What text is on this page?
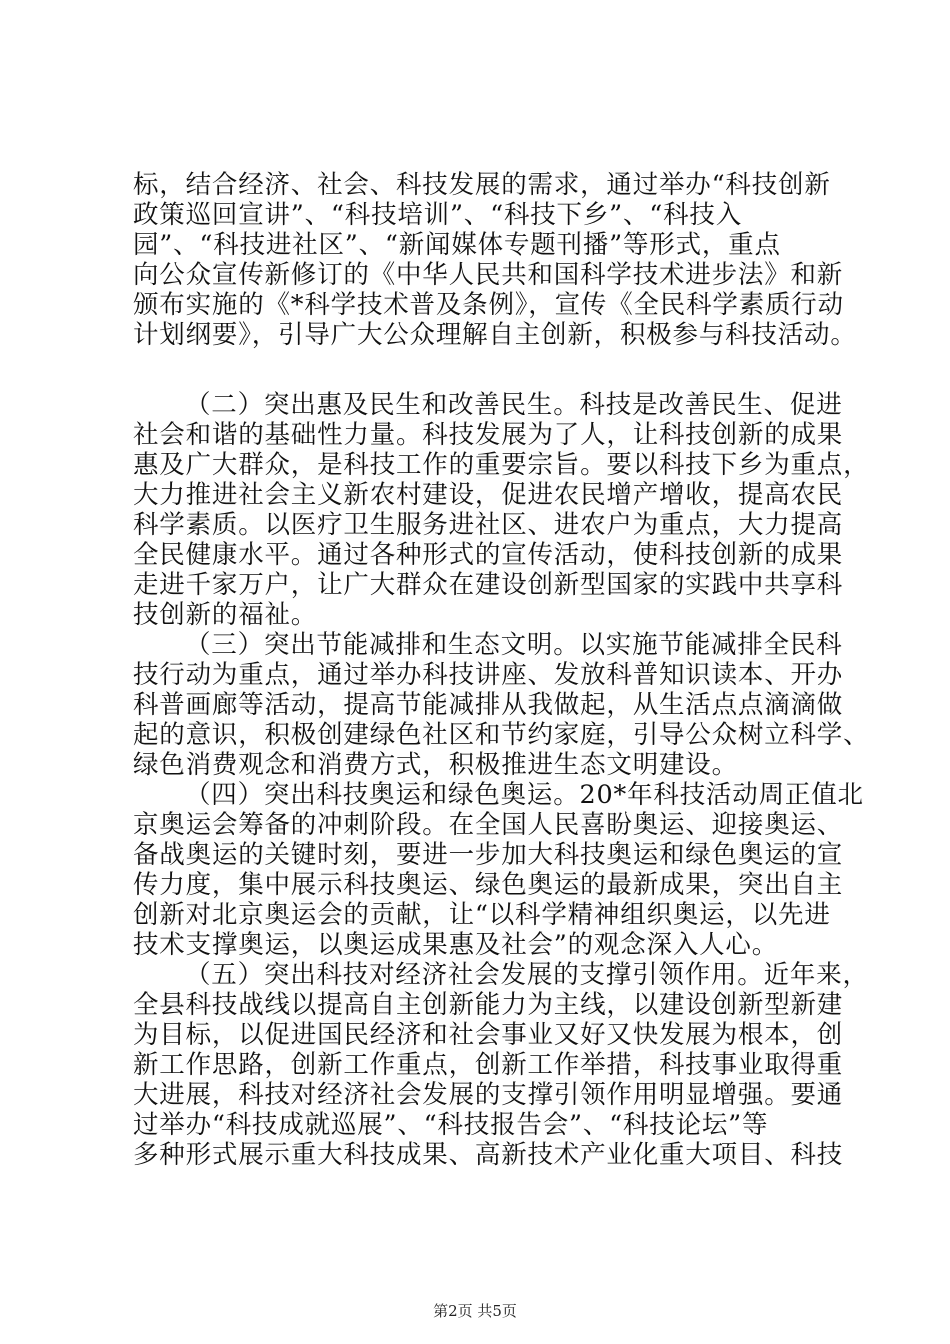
标，结合经济、社会、科技发展的需求，通过举办“科技创新
政策巡回宣讲”、“科技培训”、“科技下乡”、“科技入
园”、“科技进社区”、“新闻媒体专题刊播”等形式，重点
向公众宣传新修订的《中华人民共和国科学技术进步法》和新
颁布实施的《*科学技术普及条例》，宣传《全民科学素质行动
计划纲要》，引导广大公众理解自主创新，积极参与科技活动。
（二）突出惠及民生和改善民生。科技是改善民生、促进
社会和谐的基础性力量。科技发展为了人，让科技创新的成果
惠及广大群众，是科技工作的重要宗旨。要以科技下乡为重点，
大力推进社会主义新农村建设，促进农民增产增收，提高农民
科学素质。以医疗卫生服务进社区、进农户为重点，大力提高
全民健康水平。通过各种形式的宣传活动，使科技创新的成果
走进千家万户，让广大群众在建设创新型国家的实践中共享科
技创新的福祉。
（三）突出节能减排和生态文明。以实施节能减排全民科
技行动为重点，通过举办科技讲座、发放科普知识读本、开办
科普画廊等活动，提高节能减排从我做起，从生活点点滴滴做
起的意识，积极创建绿色社区和节约家庭，引导公众树立科学、
绿色消费观念和消费方式，积极推进生态文明建设。
（四）突出科技奥运和绿色奥运。20*年科技活动周正值北
京奥运会筹备的冲刺阶段。在全国人民喜盼奥运、迎接奥运、
备战奥运的关键时刻，要进一步加大科技奥运和绿色奥运的宣
传力度，集中展示科技奥运、绿色奥运的最新成果，突出自主
创新对北京奥运会的贡献，让“以科学精神组织奥运，以先进
技术支撑奥运，以奥运成果惠及社会”的观念深入人心。
（五）突出科技对经济社会发展的支撑引领作用。近年来，
全县科技战线以提高自主创新能力为主线，以建设创新型新建
为目标，以促进国民经济和社会事业又好又快发展为根本，创
新工作思路，创新工作重点，创新工作举措，科技事业取得重
大进展，科技对经济社会发展的支撑引领作用明显增强。要通
过举办“科技成就巡展”、“科技报告会”、“科技论坛”等
多种形式展示重大科技成果、高新技术产业化重大项目、科技
第2页 共5页
